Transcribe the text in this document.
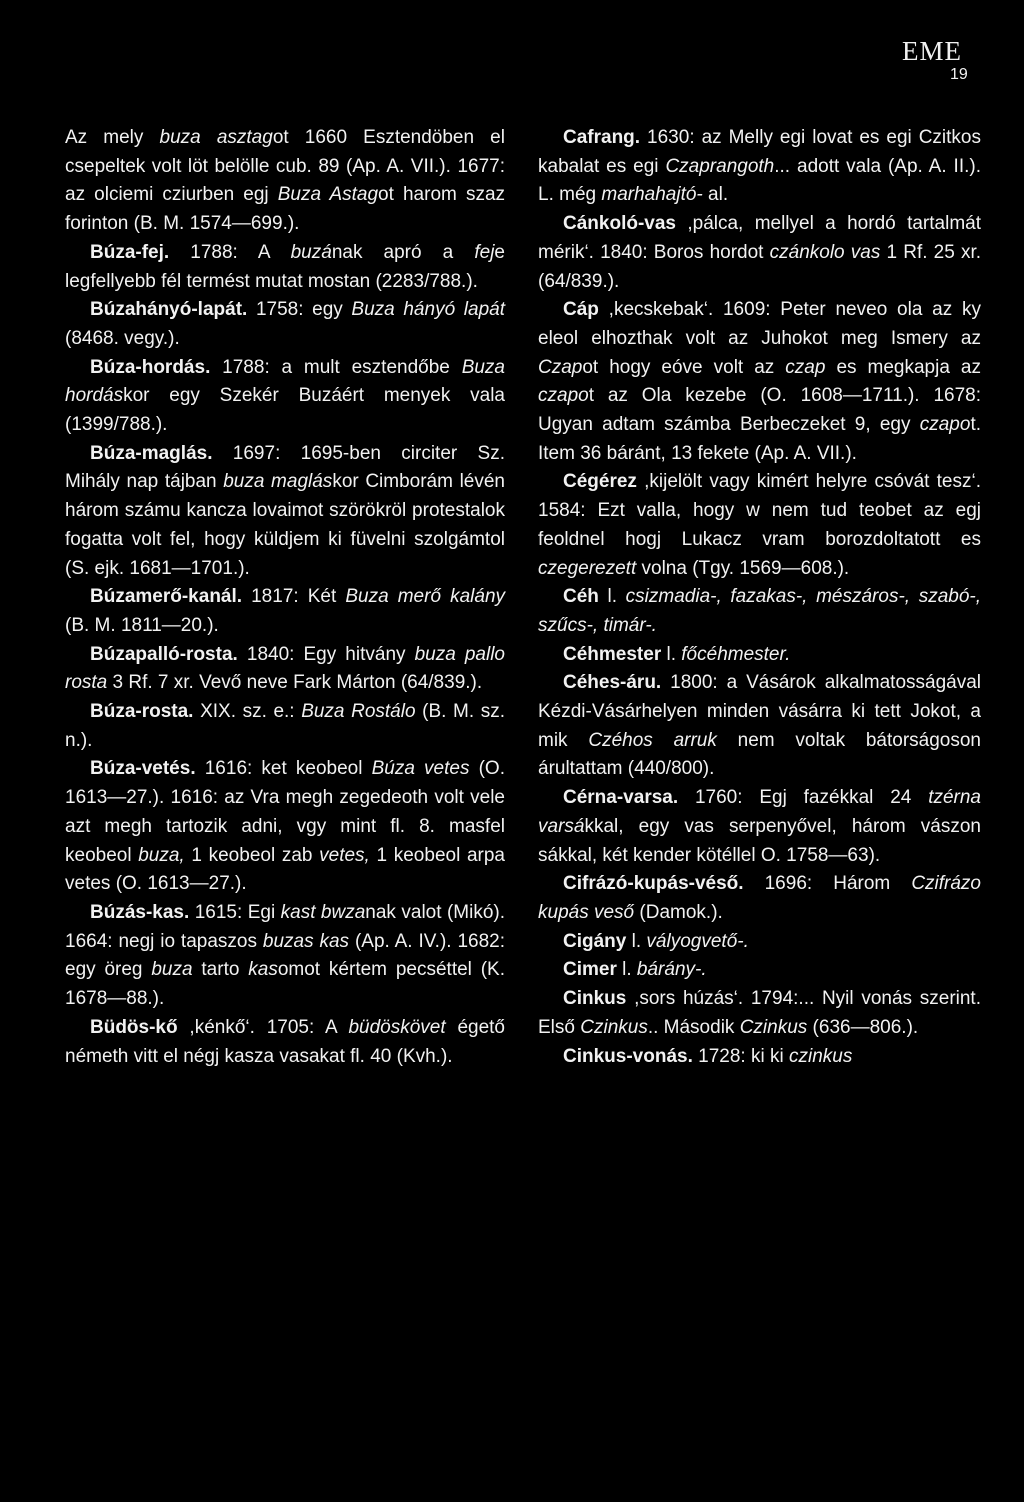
EME
19

Az mely buza asztagot 1660 Esztendöben el csepeltek volt löt belölle cub. 89 (Ap. A. VII.). 1677: az olciemi cziurben egj Buza Astagot harom szaz forinton (B. M. 1574—699.).

Búza-fej. 1788: A buzának apró a feje legfellyebb fél termést mutat mostan (2283/788.).

Búzahányó-lapát. 1758: egy Buza hányó lapát (8468. vegy.).

Búza-hordás. 1788: a mult esztendőbe Buza hordáskor egy Szekér Buzáért menyek vala (1399/788.).

Búza-maglás. 1697: 1695-ben circiter Sz. Mihály nap tájban buza magláskor Cimborám lévén három számu kancza lovaimot szörökröl protestalok fogatta volt fel, hogy küldjem ki füvelni szolgámtol (S. ejk. 1681—1701.).

Búzamerő-kanál. 1817: Két Buza merő kalány (B. M. 1811—20.).

Búzapalló-rosta. 1840: Egy hitvány buza pallo rosta 3 Rf. 7 xr. Vevő neve Fark Márton (64/839.).

Búza-rosta. XIX. sz. e.: Buza Rostálo (B. M. sz. n.).

Búza-vetés. 1616: ket keobeol Búza vetes (O. 1613—27.). 1616: az Vra megh zegedeoth volt vele azt megh tartozik adni, vgy mint fl. 8. masfel keobeol buza, 1 keobeol zab vetes, 1 keobeol arpa vetes (O. 1613—27.).

Búzás-kas. 1615: Egi kast bwzanak valot (Mikó). 1664: negj io tapaszos buzas kas (Ap. A. IV.). 1682: egy öreg buza tarto kasomot kértem pecséttel (K. 1678—88.).

Büdös-kő ,kénkő‘. 1705: A büdöskövet égető németh vitt el négj kasza vasakat fl. 40 (Kvh.).

Cafrang. 1630: az Melly egi lovat es egi Czitkos kabalat es egi Czaprangoth... adott vala (Ap. A. II.). L. még marhahajtó- al.

Cánkoló-vas ,pálca, mellyel a hordó tartalmát mérik‘. 1840: Boros hordot czánkolo vas 1 Rf. 25 xr. (64/839.).

Cáp ,kecskebak‘. 1609: Peter neveo ola az ky eleol elhozthak volt az Juhokot meg Ismery az Czapot hogy eóve volt az czap es megkapja az czapot az Ola kezebe (O. 1608—1711.). 1678: Ugyan adtam számba Berbeczeket 9, egy czapot. Item 36 báránt, 13 fekete (Ap. A. VII.).

Cégérez ,kijelölt vagy kimért helyre csóvát tesz‘. 1584: Ezt valla, hogy w nem tud teobet az egj feoldnel hogj Lukacz vram borozdoltatott es czegerezett volna (Tgy. 1569—608.).

Céh l. csizmadia-, fazakas-, mészáros-, szabó-, szűcs-, timár-.

Céhmester l. főcéhmester.

Céhes-áru. 1800: a Vásárok alkalmatosságával Kézdi-Vásárhelyen minden vásárra ki tett Jokot, a mik Czéhos arruk nem voltak bátorságoson árultattam (440/800).

Cérna-varsa. 1760: Egj fazékkal 24 tzérna varsákkal, egy vas serpenyővel, három vászon sákkal, két kender kötéllel O. 1758—63).

Cifrázó-kupás-véső. 1696: Három Czifrázo kupás veső (Damok.).

Cigány l. vályogvető-.

Cimer l. bárány-.

Cinkus ,sors húzás‘. 1794:... Nyil vonás szerint. Első Czinkus.. Második Czinkus (636—806.).

Cinkus-vonás. 1728: ki ki czinkus
